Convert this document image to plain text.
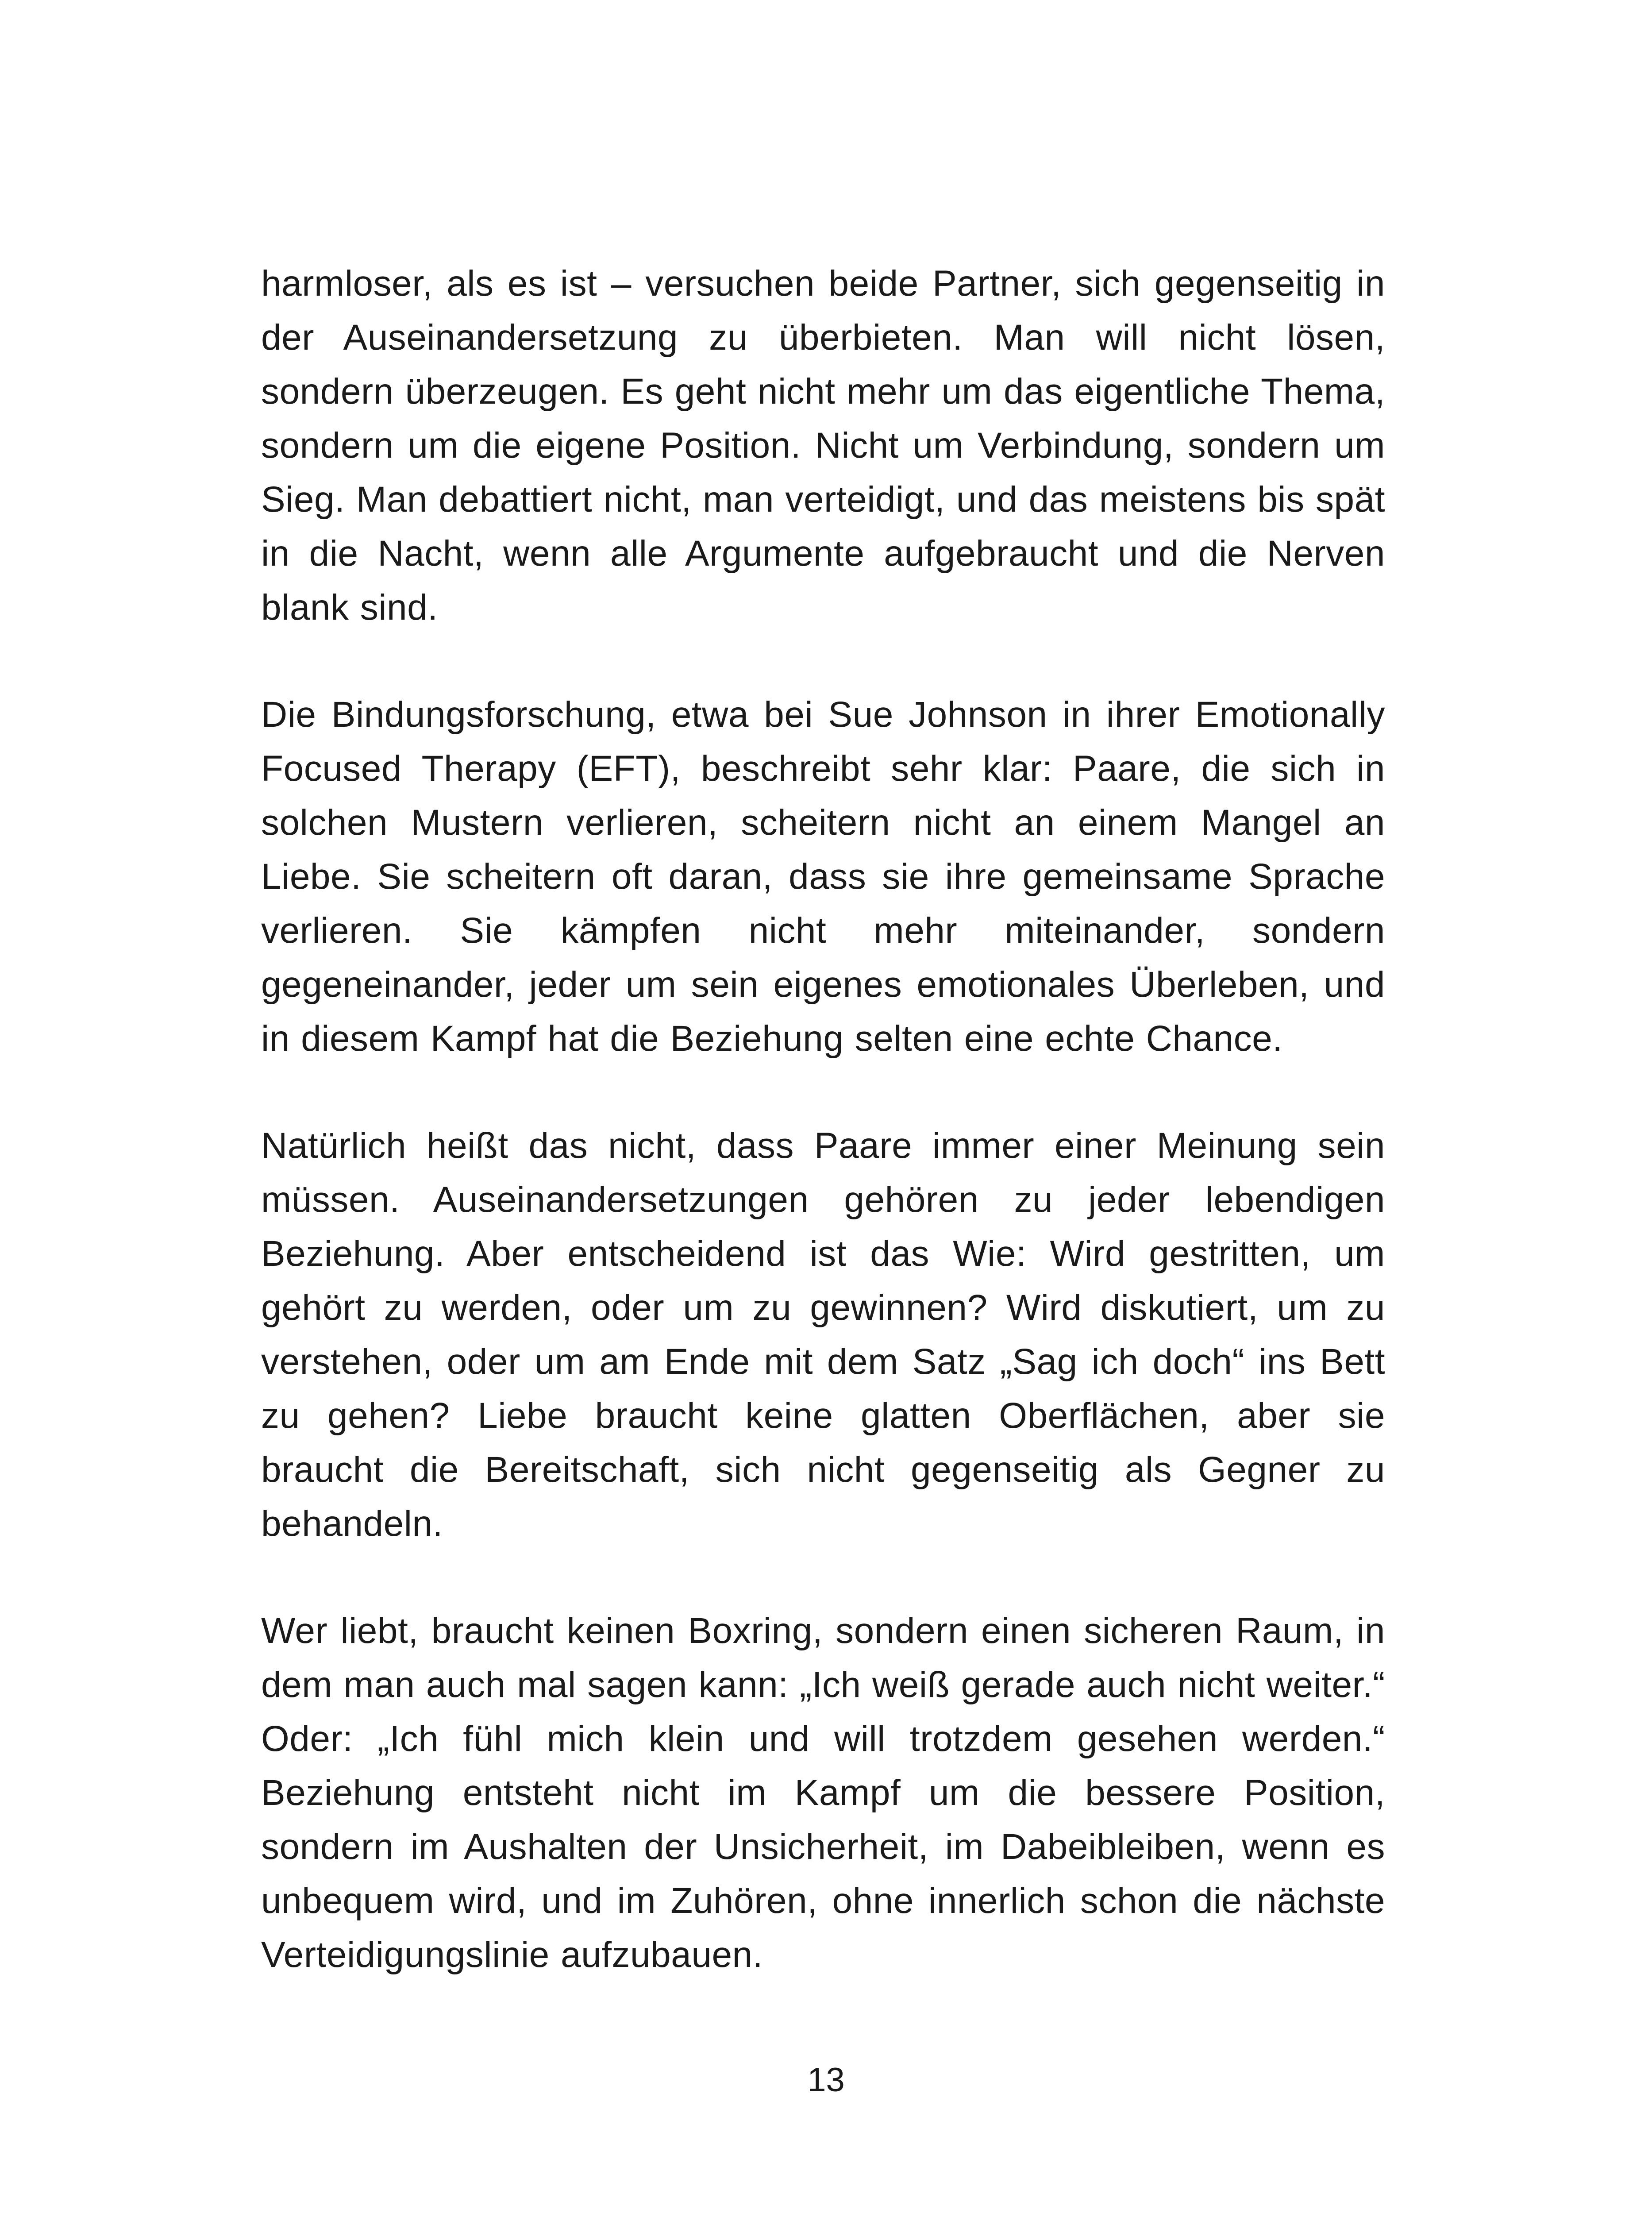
harmloser, als es ist – versuchen beide Partner, sich gegenseitig in der Auseinandersetzung zu überbieten. Man will nicht lösen, sondern überzeugen. Es geht nicht mehr um das eigentliche Thema, sondern um die eigene Position. Nicht um Verbindung, sondern um Sieg. Man debattiert nicht, man verteidigt, und das meistens bis spät in die Nacht, wenn alle Argumente aufgebraucht und die Nerven blank sind.

Die Bindungsforschung, etwa bei Sue Johnson in ihrer Emotionally Focused Therapy (EFT), beschreibt sehr klar: Paare, die sich in solchen Mustern verlieren, scheitern nicht an einem Mangel an Liebe. Sie scheitern oft daran, dass sie ihre gemeinsame Sprache verlieren. Sie kämpfen nicht mehr miteinander, sondern gegeneinander, jeder um sein eigenes emotionales Überleben, und in diesem Kampf hat die Beziehung selten eine echte Chance.

Natürlich heißt das nicht, dass Paare immer einer Meinung sein müssen. Auseinandersetzungen gehören zu jeder lebendigen Beziehung. Aber entscheidend ist das Wie: Wird gestritten, um gehört zu werden, oder um zu gewinnen? Wird diskutiert, um zu verstehen, oder um am Ende mit dem Satz „Sag ich doch“ ins Bett zu gehen? Liebe braucht keine glatten Oberflächen, aber sie braucht die Bereitschaft, sich nicht gegenseitig als Gegner zu behandeln.

Wer liebt, braucht keinen Boxring, sondern einen sicheren Raum, in dem man auch mal sagen kann: „Ich weiß gerade auch nicht weiter.“ Oder: „Ich fühl mich klein und will trotzdem gesehen werden.“ Beziehung entsteht nicht im Kampf um die bessere Position, sondern im Aushalten der Unsicherheit, im Dabeibleiben, wenn es unbequem wird, und im Zuhören, ohne innerlich schon die nächste Verteidigungslinie aufzubauen.

13
